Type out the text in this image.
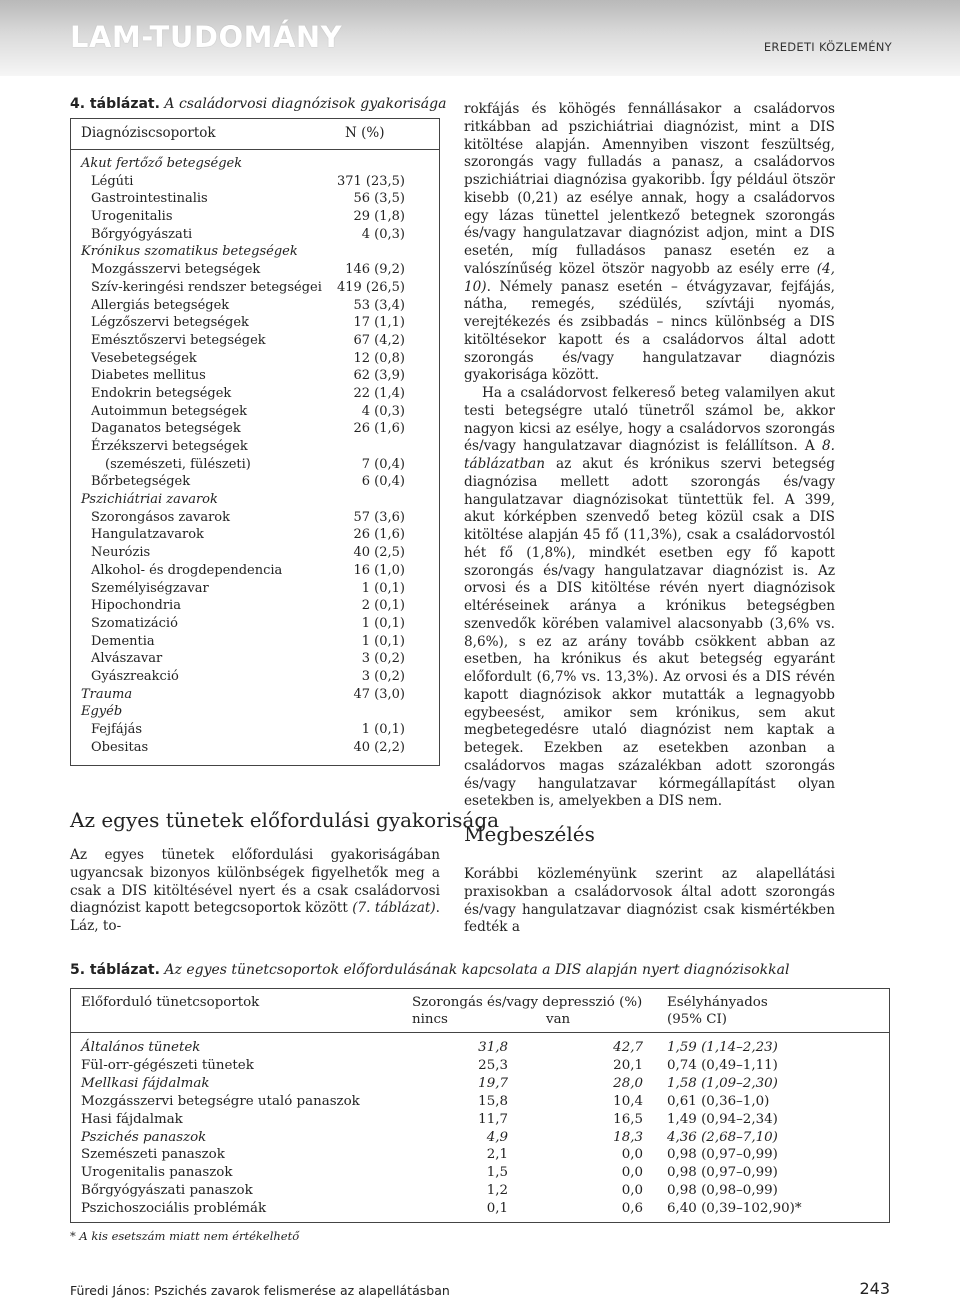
LAM-TUDOMÁNY	EREDETI KÖZLEMÉNY
4. táblázat. A családorvosi diagnózisok gyakorisága
Diagnóziscsoportok	N (%)
Akut fertőző betegségek
Légúti	371 (23,5)
Gastrointestinalis	56 (3,5)
Urogenitalis	29 (1,8)
Bőrgyógyászati	4 (0,3)
Krónikus szomatikus betegségek
Mozgásszervi betegségek	146 (9,2)
Szív-keringési rendszer betegségei 419 (26,5)
Allergiás betegségek	53 (3,4)
Légzőszervi betegségek	17 (1,1)
Emésztőszervi betegségek	67 (4,2)
Vesebetegségek	12 (0,8)
Diabetes mellitus	62 (3,9)
Endokrin betegségek	22 (1,4)
Autoimmun betegségek	4 (0,3)
Daganatos betegségek	26 (1,6)
Érzékszervi betegségek
(szemészeti, fülészeti)	7 (0,4)
Bőrbetegségek	6 (0,4)
Pszichiátriai zavarok
Szorongásos zavarok	57 (3,6)
Hangulatzavarok	26 (1,6)
Neurózis	40 (2,5)
Alkohol- és drogdependencia	16 (1,0)
Személyiségzavar	1 (0,1)
Hipochondria	2 (0,1)
Szomatizáció	1 (0,1)
Dementia	1 (0,1)
Alvászavar	3 (0,2)
Gyászreakció	3 (0,2)
Trauma	47 (3,0)
Egyéb
Fejfájás	1 (0,1)
Obesitas	40 (2,2)
Az egyes tünetek előfordulási gyakorisága

Az egyes tünetek előfordulási gyakoriságában ugyancsak bizonyos különbségek figyelhetők meg a csak a DIS kitöltésével nyert és a csak családorvosi diagnózist kapott betegcsoportok között (7. táblázat). Láz, to-

rokfájás és köhögés fennállásakor a családorvos ritkábban ad pszichiátriai diagnózist, mint a DIS kitöltése alapján. Amennyiben viszont feszültség, szorongás vagy fulladás a panasz, a családorvos pszichiátriai diagnózisa gyakoribb. Így például ötször kisebb (0,21) az esélye annak, hogy a családorvos egy lázas tünettel jelentkező betegnek szorongás és/vagy hangulatzavar diagnózist adjon, mint a DIS esetén, míg fulladásos panasz esetén ez a valószínűség közel ötször nagyobb az esély erre (4, 10). Némely panasz esetén – étvágyzavar, fejfájás, nátha, remegés, szédülés, szívtáji nyomás, verejtékezés és zsibbadás – nincs különbség a DIS kitöltésekor kapott és a családorvos által adott szorongás és/vagy hangulatzavar diagnózis gyakorisága között.

Ha a családorvost felkereső beteg valamilyen akut testi betegségre utaló tünetről számol be, akkor nagyon kicsi az esélye, hogy a családorvos szorongás és/vagy hangulatzavar diagnózist is felállítson. A 8. táblázatban az akut és krónikus szervi betegség diagnózisa mellett adott szorongás és/vagy hangulatzavar diagnózisokat tüntettük fel. A 399, akut kórképben szenvedő beteg közül csak a DIS kitöltése alapján 45 fő (11,3%), csak a családorvostól hét fő (1,8%), mindkét esetben egy fő kapott szorongás és/vagy hangulatzavar diagnózist is. Az orvosi és a DIS kitöltése révén nyert diagnózisok eltéréseinek aránya a krónikus betegségben szenvedők körében valamivel alacsonyabb (3,6% vs. 8,6%), s ez az arány tovább csökkent abban az esetben, ha krónikus és akut betegség egyaránt előfordult (6,7% vs. 13,3%). Az orvosi és a DIS révén kapott diagnózisok akkor mutatták a legnagyobb egybeesést, amikor sem krónikus, sem akut megbetegedésre utaló diagnózist nem kaptak a betegek. Ezekben az esetekben azonban a családorvos magas százalékban adott szorongás és/vagy hangulatzavar kórmegállapítást olyan esetekben is, amelyekben a DIS nem.

Megbeszélés

Korábbi közleményünk szerint az alapellátási praxisokban a családorvosok által adott szorongás és/vagy hangulatzavar diagnózist csak kismértékben fedték a

5. táblázat. Az egyes tünetcsoportok előfordulásának kapcsolata a DIS alapján nyert diagnózisokkal
Előforduló tünetcsoportok	Szorongás és/vagy depresszió (%)
nincs	van
Esélyhányados
(95% CI)
Általános tünetek	31,8	42,7 1,59 (1,14–2,23)
Fül-orr-gégészeti tünetek	25,3	20,1 0,74 (0,49–1,11)
Mellkasi fájdalmak	19,7	28,0 1,58 (1,09–2,30)
Mozgásszervi betegségre utaló panaszok	15,8	10,4 0,61 (0,36–1,0)
Hasi fájdalmak	11,7	16,5 1,49 (0,94–2,34)
Pszichés panaszok	4,9	18,3 4,36 (2,68–7,10)
Szemészeti panaszok	2,1	0,0 0,98 (0,97–0,99)
Urogenitalis panaszok	1,5	0,0 0,98 (0,97–0,99)
Bőrgyógyászati panaszok	1,2	0,0 0,98 (0,98–0,99)
Pszichoszociális problémák	0,1	0,6 6,40 (0,39–102,90)*
* A kis esetszám miatt nem értékelhető
Füredi János: Pszichés zavarok felismerése az alapellátásban	243
